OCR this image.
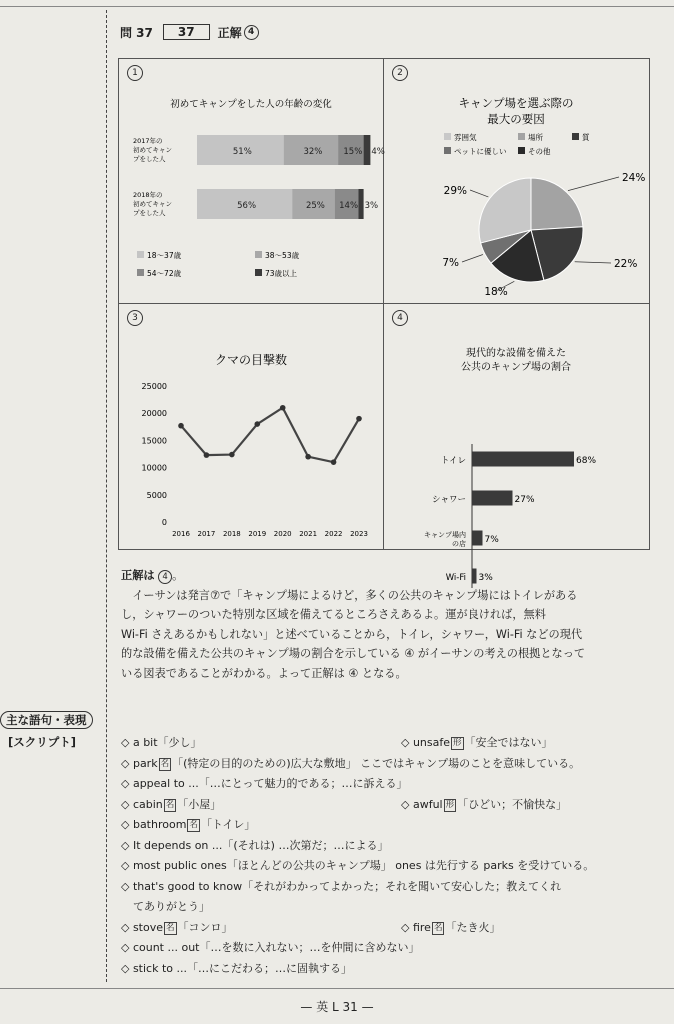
主な語句・表現
[スクリプト]
問 37	37	正解 4
1
初めてキャンプをした人の年齢の変化
2017年の
初めてキャン
プをした人
51%	32% 15% 4%
2018年の
初めてキャン
プをした人
56%	25% 14% 3%
18〜37歳	38〜53歳
54〜72歳	73歳以上
2
キャンプ場を選ぶ際の
最大の要因
雰囲気	場所	質
ペットに優しい	その他
24%
22%
18%
7%
29%
3
クマの目撃数
25000
20000
15000
10000
5000
0
2016 2017 2018 2019 2020 2021 2022 2023
4
現代的な設備を備えた
公共のキャンプ場の割合
トイレ	68%
シャワー	27%
キャンプ場内
の店 7%
Wi-Fi 3%
正解は 4 。

イーサンは発言⑦で「キャンプ場によるけど，多くの公共のキャンプ場にはトイレがある

し，シャワーのついた特別な区域を備えてるところさえあるよ。運が良ければ，無料
Wi-Fi さえあるかもしれない」と述べていることから，トイレ，シャワー，Wi-Fi などの現代
的な設備を備えた公共のキャンプ場の割合を示している ④ がイーサンの考えの根拠となって
いる図表であることがわかる。よって正解は ④ となる。
◇ a bit「少し」	◇ unsafe 形 「安全ではない」
◇ park 名 「(特定の目的のための)広大な敷地」 ここではキャンプ場のことを意味している。
◇ appeal to ...「…にとって魅力的である；…に訴える」
◇ cabin 名 「小屋」	◇ awful 形 「ひどい；不愉快な」
◇ bathroom 名 「トイレ」
◇ It depends on ...「(それは) …次第だ；…による」
◇ most public ones「ほとんどの公共のキャンプ場」 ones は先行する parks を受けている。
◇ that's good to know「それがわかってよかった；それを聞いて安心した；教えてくれ
てありがとう」
◇ stove 名 「コンロ」	◇ fire 名 「たき火」
◇ count ... out「…を数に入れない；…を仲間に含めない」
◇ stick to ...「…にこだわる；…に固執する」
— 英 L 31 —
